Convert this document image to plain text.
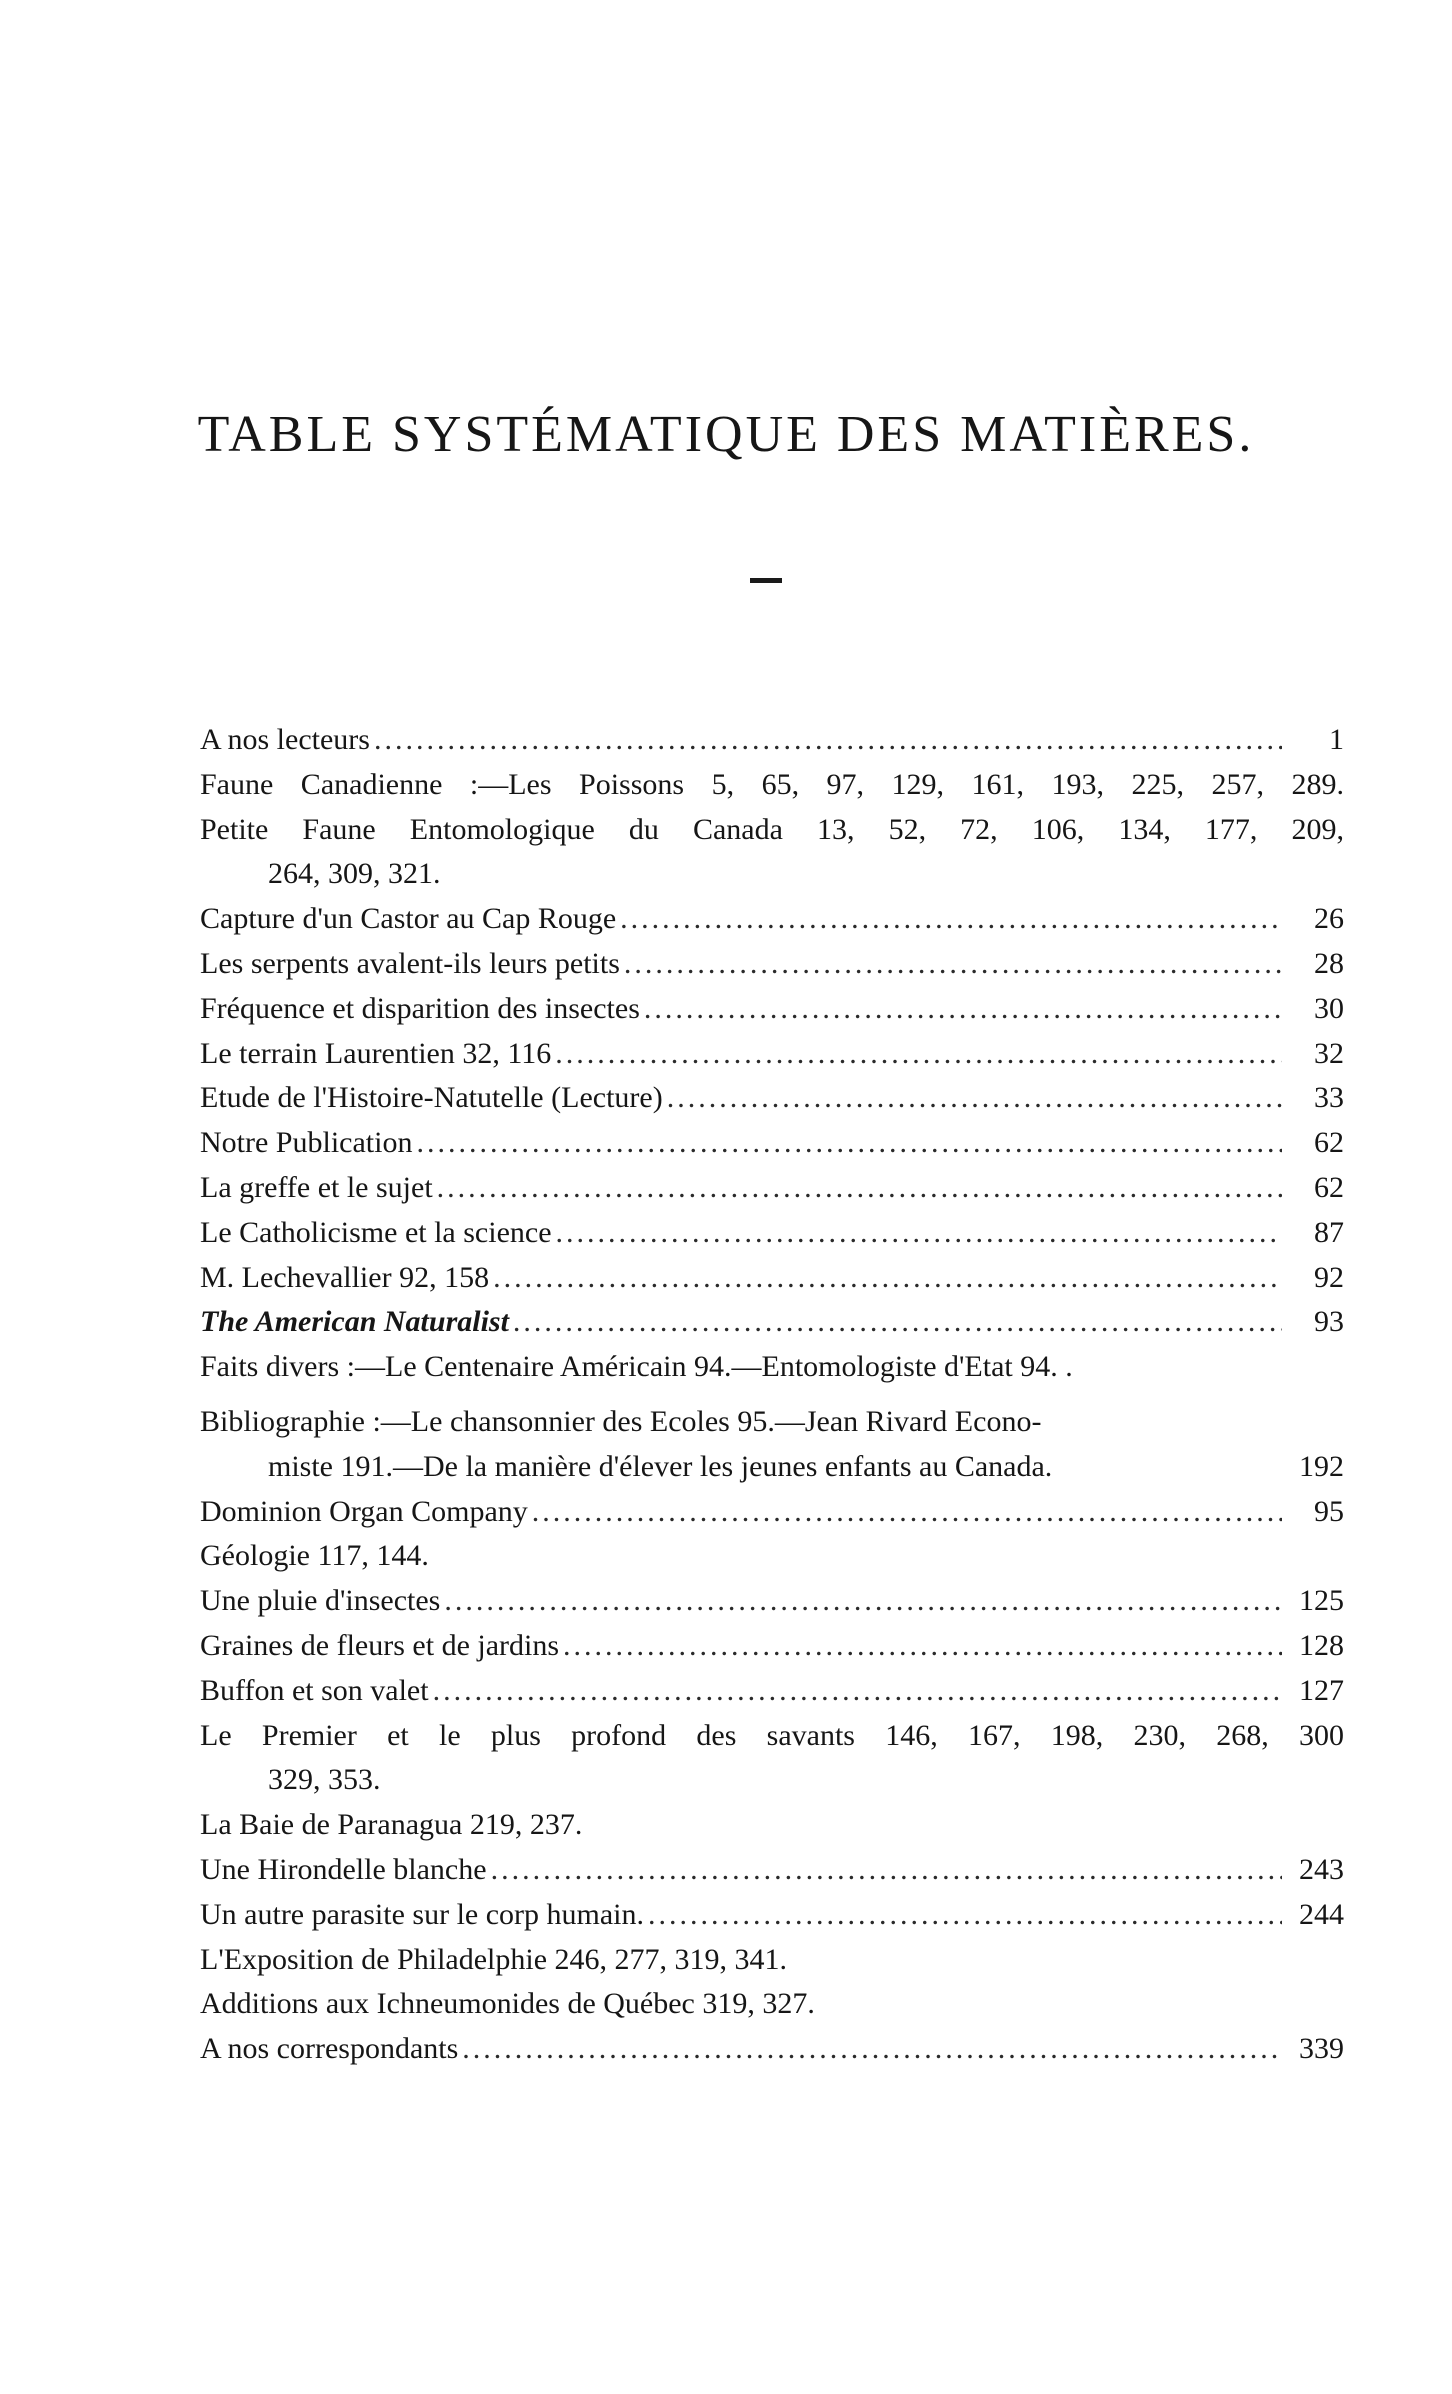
TABLE SYSTÉMATIQUE DES MATIÈRES.
A nos lecteurs .....	1
Faune Canadienne :—Les Poissons 5, 65, 97, 129, 161, 193, 225, 257, 289.
Petite Faune Entomologique du Canada 13, 52, 72, 106, 134, 177, 209,
264, 309, 321.
Capture d'un Castor au Cap Rouge .....	26
Les serpents avalent-ils leurs petits .....	28
Fréquence et disparition des insectes .....	30
Le terrain Laurentien 32, 116 .....	32
Etude de l'Histoire-Natutelle (Lecture) .....	33
Notre Publication .....	62
La greffe et le sujet .....	62
Le Catholicisme et la science .....	87
M. Lechevallier 92, 158 .....	92
The American Naturalist .....	93
Faits divers :—Le Centenaire Américain 94.—Entomologiste d'Etat 94. .
Bibliographie :—Le chansonnier des Ecoles 95.—Jean Rivard Econo-
miste 191.—De la manière d'élever les jeunes enfants au Canada.	192
Dominion Organ Company .....	95
Géologie 117, 144.
Une pluie d'insectes .....	125
Graines de fleurs et de jardins .....	128
Buffon et son valet .....	127
Le Premier et le plus profond des savants 146, 167, 198, 230, 268, 300
329, 353.
La Baie de Paranagua 219, 237.
Une Hirondelle blanche .....	243
Un autre parasite sur le corp humain. .....	244
L'Exposition de Philadelphie 246, 277, 319, 341.
Additions aux Ichneumonides de Québec 319, 327.
A nos correspondants .....	339
